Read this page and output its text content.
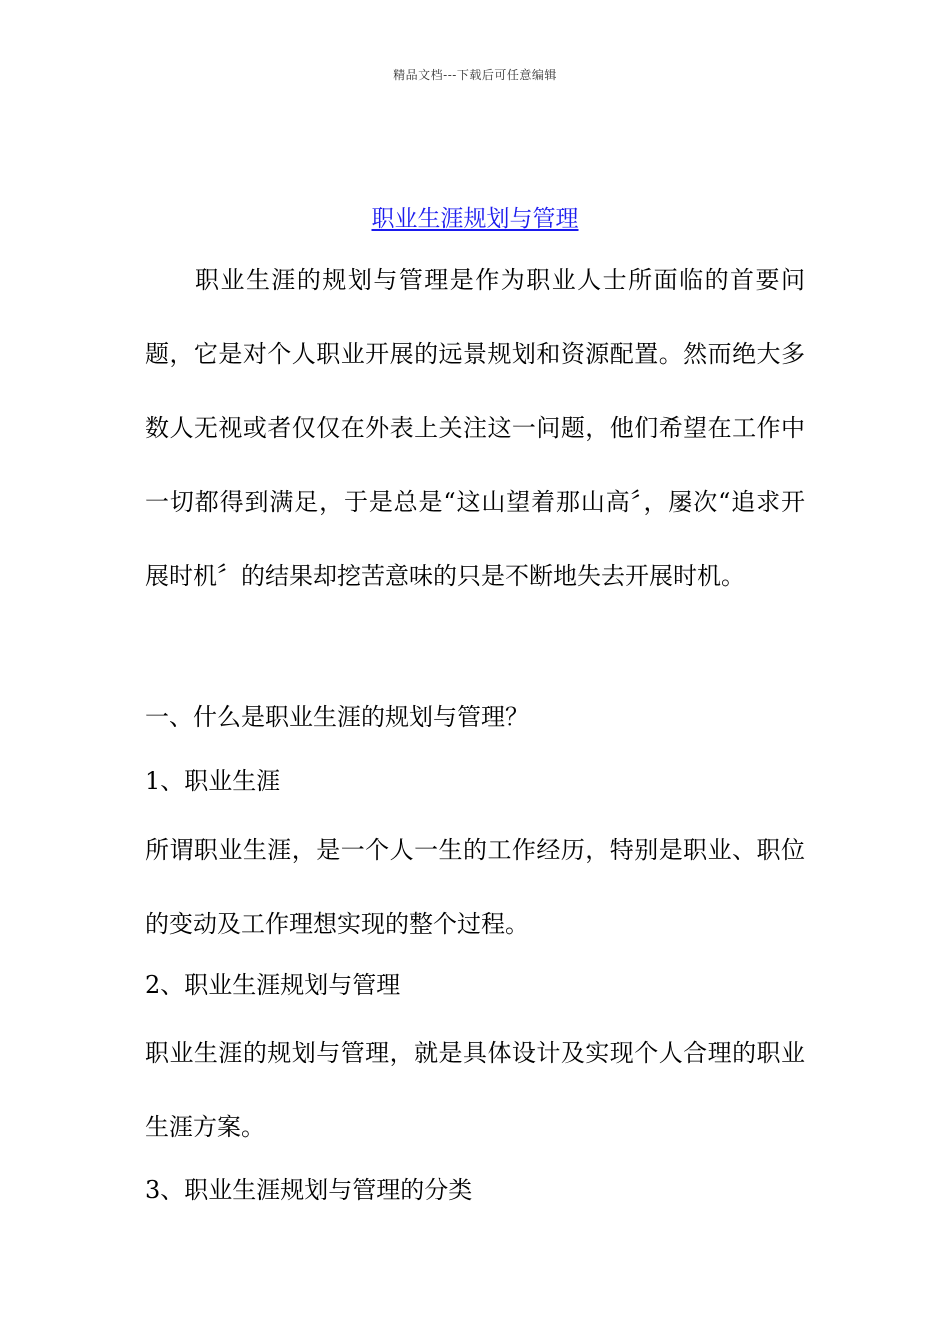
精品文档---下载后可任意编辑
职业生涯规划与管理

职业生涯的规划与管理是作为职业人士所面临的首要问题，它是对个人职业开展的远景规划和资源配置。然而绝大多数人无视或者仅仅在外表上关注这一问题，他们希望在工作中一切都得到满足，于是总是“这山望着那山高〞，屡次“追求开展时机〞的结果却挖苦意味的只是不断地失去开展时机。

一、什么是职业生涯的规划与管理？

1、职业生涯

所谓职业生涯，是一个人一生的工作经历，特别是职业、职位的变动及工作理想实现的整个过程。

2、职业生涯规划与管理

职业生涯的规划与管理，就是具体设计及实现个人合理的职业生涯方案。

3、职业生涯规划与管理的分类
